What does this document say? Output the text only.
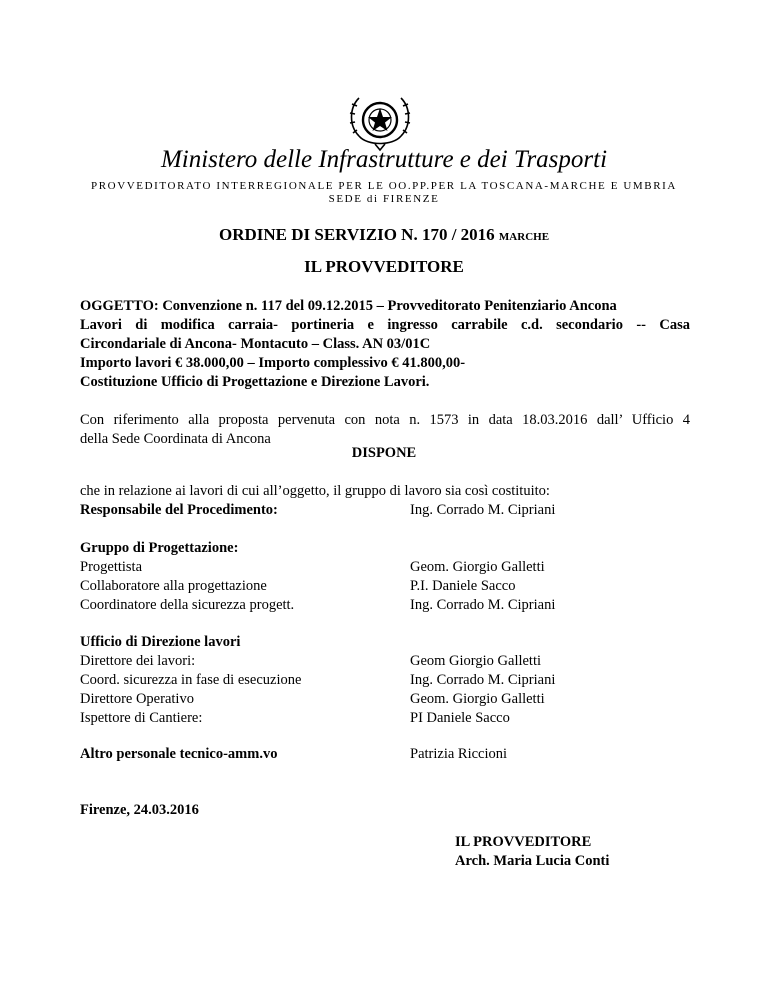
Ministero delle Infrastrutture e dei Trasporti
PROVVEDITORATO INTERREGIONALE PER LE OO.PP.PER LA TOSCANA-MARCHE E UMBRIA
SEDE di FIRENZE
ORDINE DI SERVIZIO N. 170 / 2016 MARCHE
IL PROVVEDITORE
OGGETTO: Convenzione n. 117 del 09.12.2015 – Provveditorato Penitenziario Ancona
Lavori di modifica carraia- portineria e ingresso carrabile c.d. secondario -- Casa
Circondariale di Ancona- Montacuto – Class. AN 03/01C
Importo lavori € 38.000,00 – Importo complessivo € 41.800,00-
Costituzione Ufficio di Progettazione e Direzione Lavori.
Con riferimento alla proposta pervenuta con nota n. 1573 in data 18.03.2016 dall’ Ufficio 4
della Sede Coordinata di Ancona
DISPONE
che in relazione ai lavori di cui all’oggetto, il gruppo di lavoro sia così costituito:
Responsabile del Procedimento:	Ing. Corrado M. Cipriani
Gruppo di Progettazione:
Progettista	Geom. Giorgio Galletti
Collaboratore alla progettazione	P.I. Daniele Sacco
Coordinatore della sicurezza progett.	Ing. Corrado M. Cipriani
Ufficio di Direzione lavori
Direttore dei lavori:	Geom Giorgio Galletti
Coord. sicurezza in fase di esecuzione	Ing. Corrado M. Cipriani
Direttore Operativo	Geom. Giorgio Galletti
Ispettore di Cantiere:	PI Daniele Sacco
Altro personale tecnico-amm.vo	Patrizia Riccioni
Firenze, 24.03.2016
IL PROVVEDITORE
Arch. Maria Lucia Conti
